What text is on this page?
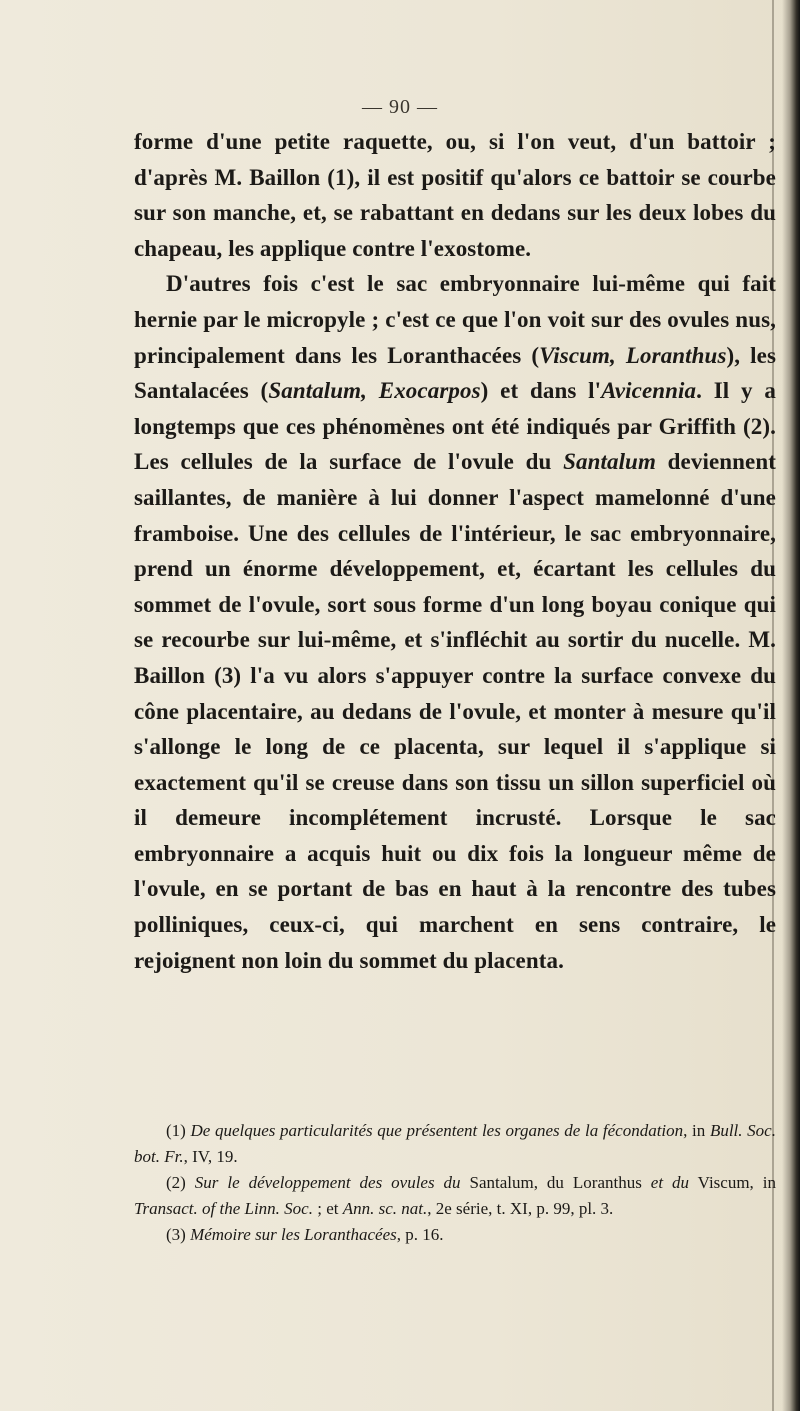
— 90 —

forme d'une petite raquette, ou, si l'on veut, d'un battoir ; d'après M. Baillon (1), il est positif qu'alors ce battoir se courbe sur son manche, et, se rabattant en dedans sur les deux lobes du chapeau, les applique contre l'exostome.

D'autres fois c'est le sac embryonnaire lui-même qui fait hernie par le micropyle ; c'est ce que l'on voit sur des ovules nus, principalement dans les Loranthacées (Viscum, Loranthus), les Santalacées (Santalum, Exocarpos) et dans l'Avicennia. Il y a longtemps que ces phénomènes ont été indiqués par Griffith (2). Les cellules de la surface de l'ovule du Santalum deviennent saillantes, de manière à lui donner l'aspect mamelonné d'une framboise. Une des cellules de l'intérieur, le sac embryonnaire, prend un énorme développement, et, écartant les cellules du sommet de l'ovule, sort sous forme d'un long boyau conique qui se recourbe sur lui-même, et s'infléchit au sortir du nucelle. M. Baillon (3) l'a vu alors s'appuyer contre la surface convexe du cône placentaire, au dedans de l'ovule, et monter à mesure qu'il s'allonge le long de ce placenta, sur lequel il s'applique si exactement qu'il se creuse dans son tissu un sillon superficiel où il demeure incomplétement incrusté. Lorsque le sac embryonnaire a acquis huit ou dix fois la longueur même de l'ovule, en se portant de bas en haut à la rencontre des tubes polliniques, ceux-ci, qui marchent en sens contraire, le rejoignent non loin du sommet du placenta.

(1) De quelques particularités que présentent les organes de la fécondation, in Bull. Soc. bot. Fr., IV, 19.

(2) Sur le développement des ovules du Santalum, du Loranthus et du Viscum, in Transact. of the Linn. Soc. ; et Ann. sc. nat., 2e série, t. XI, p. 99, pl. 3.

(3) Mémoire sur les Loranthacées, p. 16.
